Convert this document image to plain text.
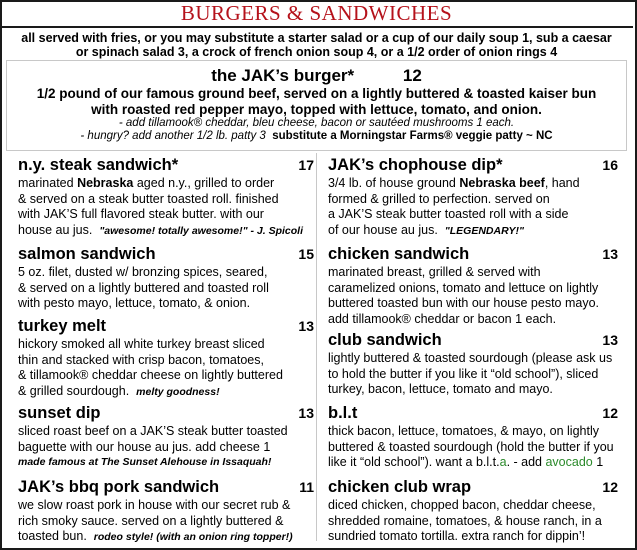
BURGERS & SANDWICHES
all served with fries, or you may substitute a starter salad or a cup of our daily soup 1, sub a caesar
or spinach salad 3, a crock of french onion soup 4, or a 1/2 order of onion rings 4
the JAK’s burger*	12
1/2 pound of our famous ground beef, served on a lightly buttered & toasted kaiser bun
with roasted red pepper mayo, topped with lettuce, tomato, and onion.
- add tillamook® cheddar, bleu cheese, bacon or sautéed mushrooms 1 each.
- hungry? add another 1/2 lb. patty 3 substitute a Morningstar Farms® veggie patty ~ NC
n.y. steak sandwich*	17
marinated Nebraska aged n.y., grilled to order
& served on a steak butter toasted roll. finished
with JAK’S full flavored steak butter. with our
house au jus. "awesome! totally awesome!" - J. Spicoli
salmon sandwich	15
5 oz. filet, dusted w/ bronzing spices, seared,
& served on a lightly buttered and toasted roll
with pesto mayo, lettuce, tomato, & onion.
turkey melt	13
hickory smoked all white turkey breast sliced
thin and stacked with crisp bacon, tomatoes,
& tillamook® cheddar cheese on lightly buttered
& grilled sourdough. melty goodness!
sunset dip	13
sliced roast beef on a JAK’S steak butter toasted
baguette with our house au jus. add cheese 1
made famous at The Sunset Alehouse in Issaquah!
JAK’s bbq pork sandwich	11
we slow roast pork in house with our secret rub &
rich smoky sauce. served on a lightly buttered &
toasted bun. rodeo style! (with an onion ring topper!)
JAK’s chophouse dip*	16
3/4 lb. of house ground Nebraska beef, hand
formed & grilled to perfection. served on
a JAK’S steak butter toasted roll with a side
of our house au jus. "LEGENDARY!"
chicken sandwich	13
marinated breast, grilled & served with
caramelized onions, tomato and lettuce on lightly
buttered toasted bun with our house pesto mayo.
add tillamook® cheddar or bacon 1 each.
club sandwich	13
lightly buttered & toasted sourdough (please ask us
to hold the butter if you like it “old school”), sliced
turkey, bacon, lettuce, tomato and mayo.
b.l.t	12
thick bacon, lettuce, tomatoes, & mayo, on lightly
buttered & toasted sourdough (hold the butter if you
like it “old school”). want a b.l.t.a. - add avocado 1
chicken club wrap	12
diced chicken, chopped bacon, cheddar cheese,
shredded romaine, tomatoes, & house ranch, in a
sundried tomato tortilla. extra ranch for dippin’!
